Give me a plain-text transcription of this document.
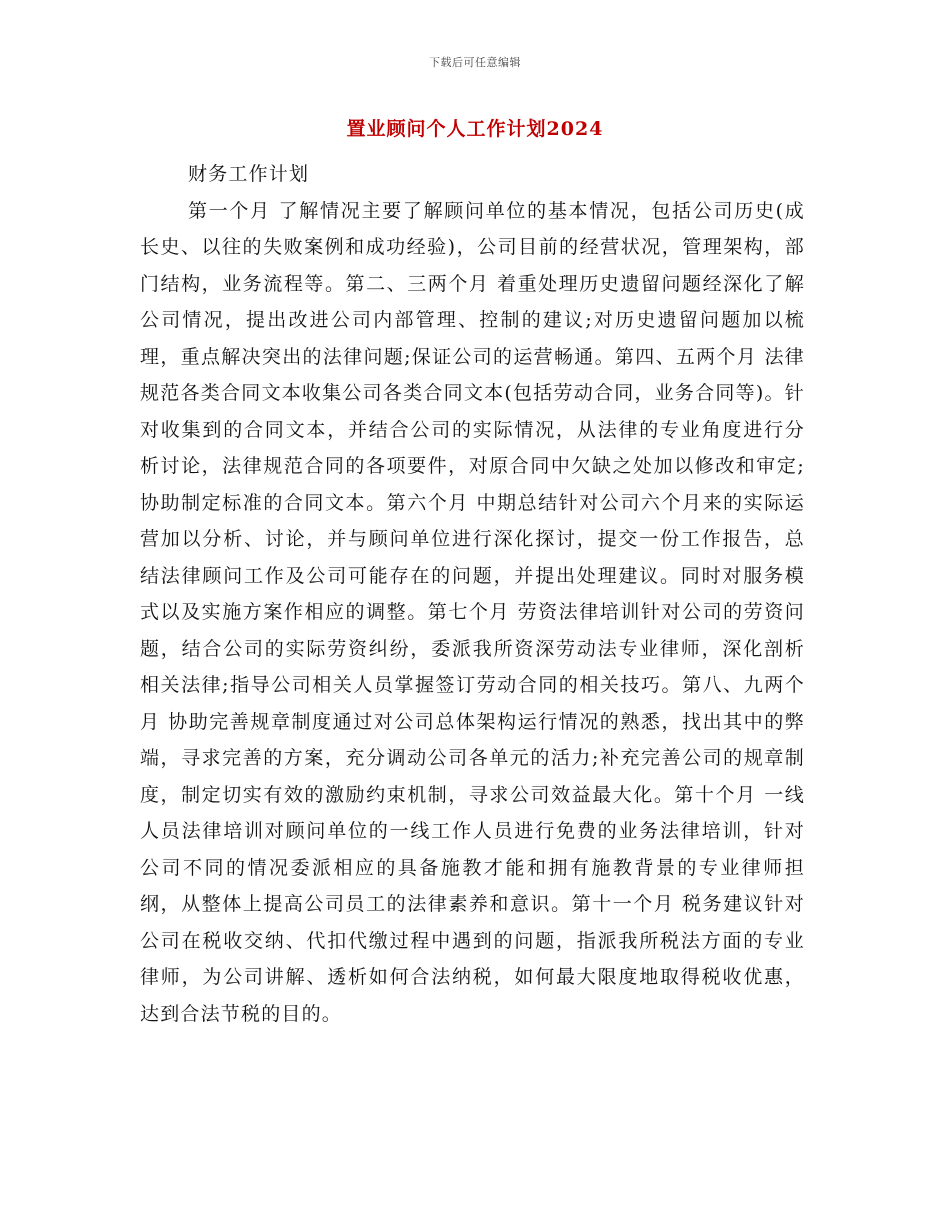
下载后可任意编辑
置业顾问个人工作计划2024

财务工作计划

第一个月 了解情况主要了解顾问单位的基本情况，包括公司历史(成长史、以往的失败案例和成功经验)，公司目前的经营状况，管理架构，部门结构，业务流程等。第二、三两个月 着重处理历史遗留问题经深化了解公司情况，提出改进公司内部管理、控制的建议;对历史遗留问题加以梳理，重点解决突出的法律问题;保证公司的运营畅通。第四、五两个月 法律规范各类合同文本收集公司各类合同文本(包括劳动合同，业务合同等)。针对收集到的合同文本，并结合公司的实际情况，从法律的专业角度进行分析讨论，法律规范合同的各项要件，对原合同中欠缺之处加以修改和审定;协助制定标准的合同文本。第六个月 中期总结针对公司六个月来的实际运营加以分析、讨论，并与顾问单位进行深化探讨，提交一份工作报告，总结法律顾问工作及公司可能存在的问题，并提出处理建议。同时对服务模式以及实施方案作相应的调整。第七个月 劳资法律培训针对公司的劳资问题，结合公司的实际劳资纠纷，委派我所资深劳动法专业律师，深化剖析相关法律;指导公司相关人员掌握签订劳动合同的相关技巧。第八、九两个月 协助完善规章制度通过对公司总体架构运行情况的熟悉，找出其中的弊端，寻求完善的方案，充分调动公司各单元的活力;补充完善公司的规章制度，制定切实有效的激励约束机制，寻求公司效益最大化。第十个月 一线人员法律培训对顾问单位的一线工作人员进行免费的业务法律培训，针对公司不同的情况委派相应的具备施教才能和拥有施教背景的专业律师担纲，从整体上提高公司员工的法律素养和意识。第十一个月 税务建议针对公司在税收交纳、代扣代缴过程中遇到的问题，指派我所税法方面的专业律师，为公司讲解、透析如何合法纳税，如何最大限度地取得税收优惠，达到合法节税的目的。
